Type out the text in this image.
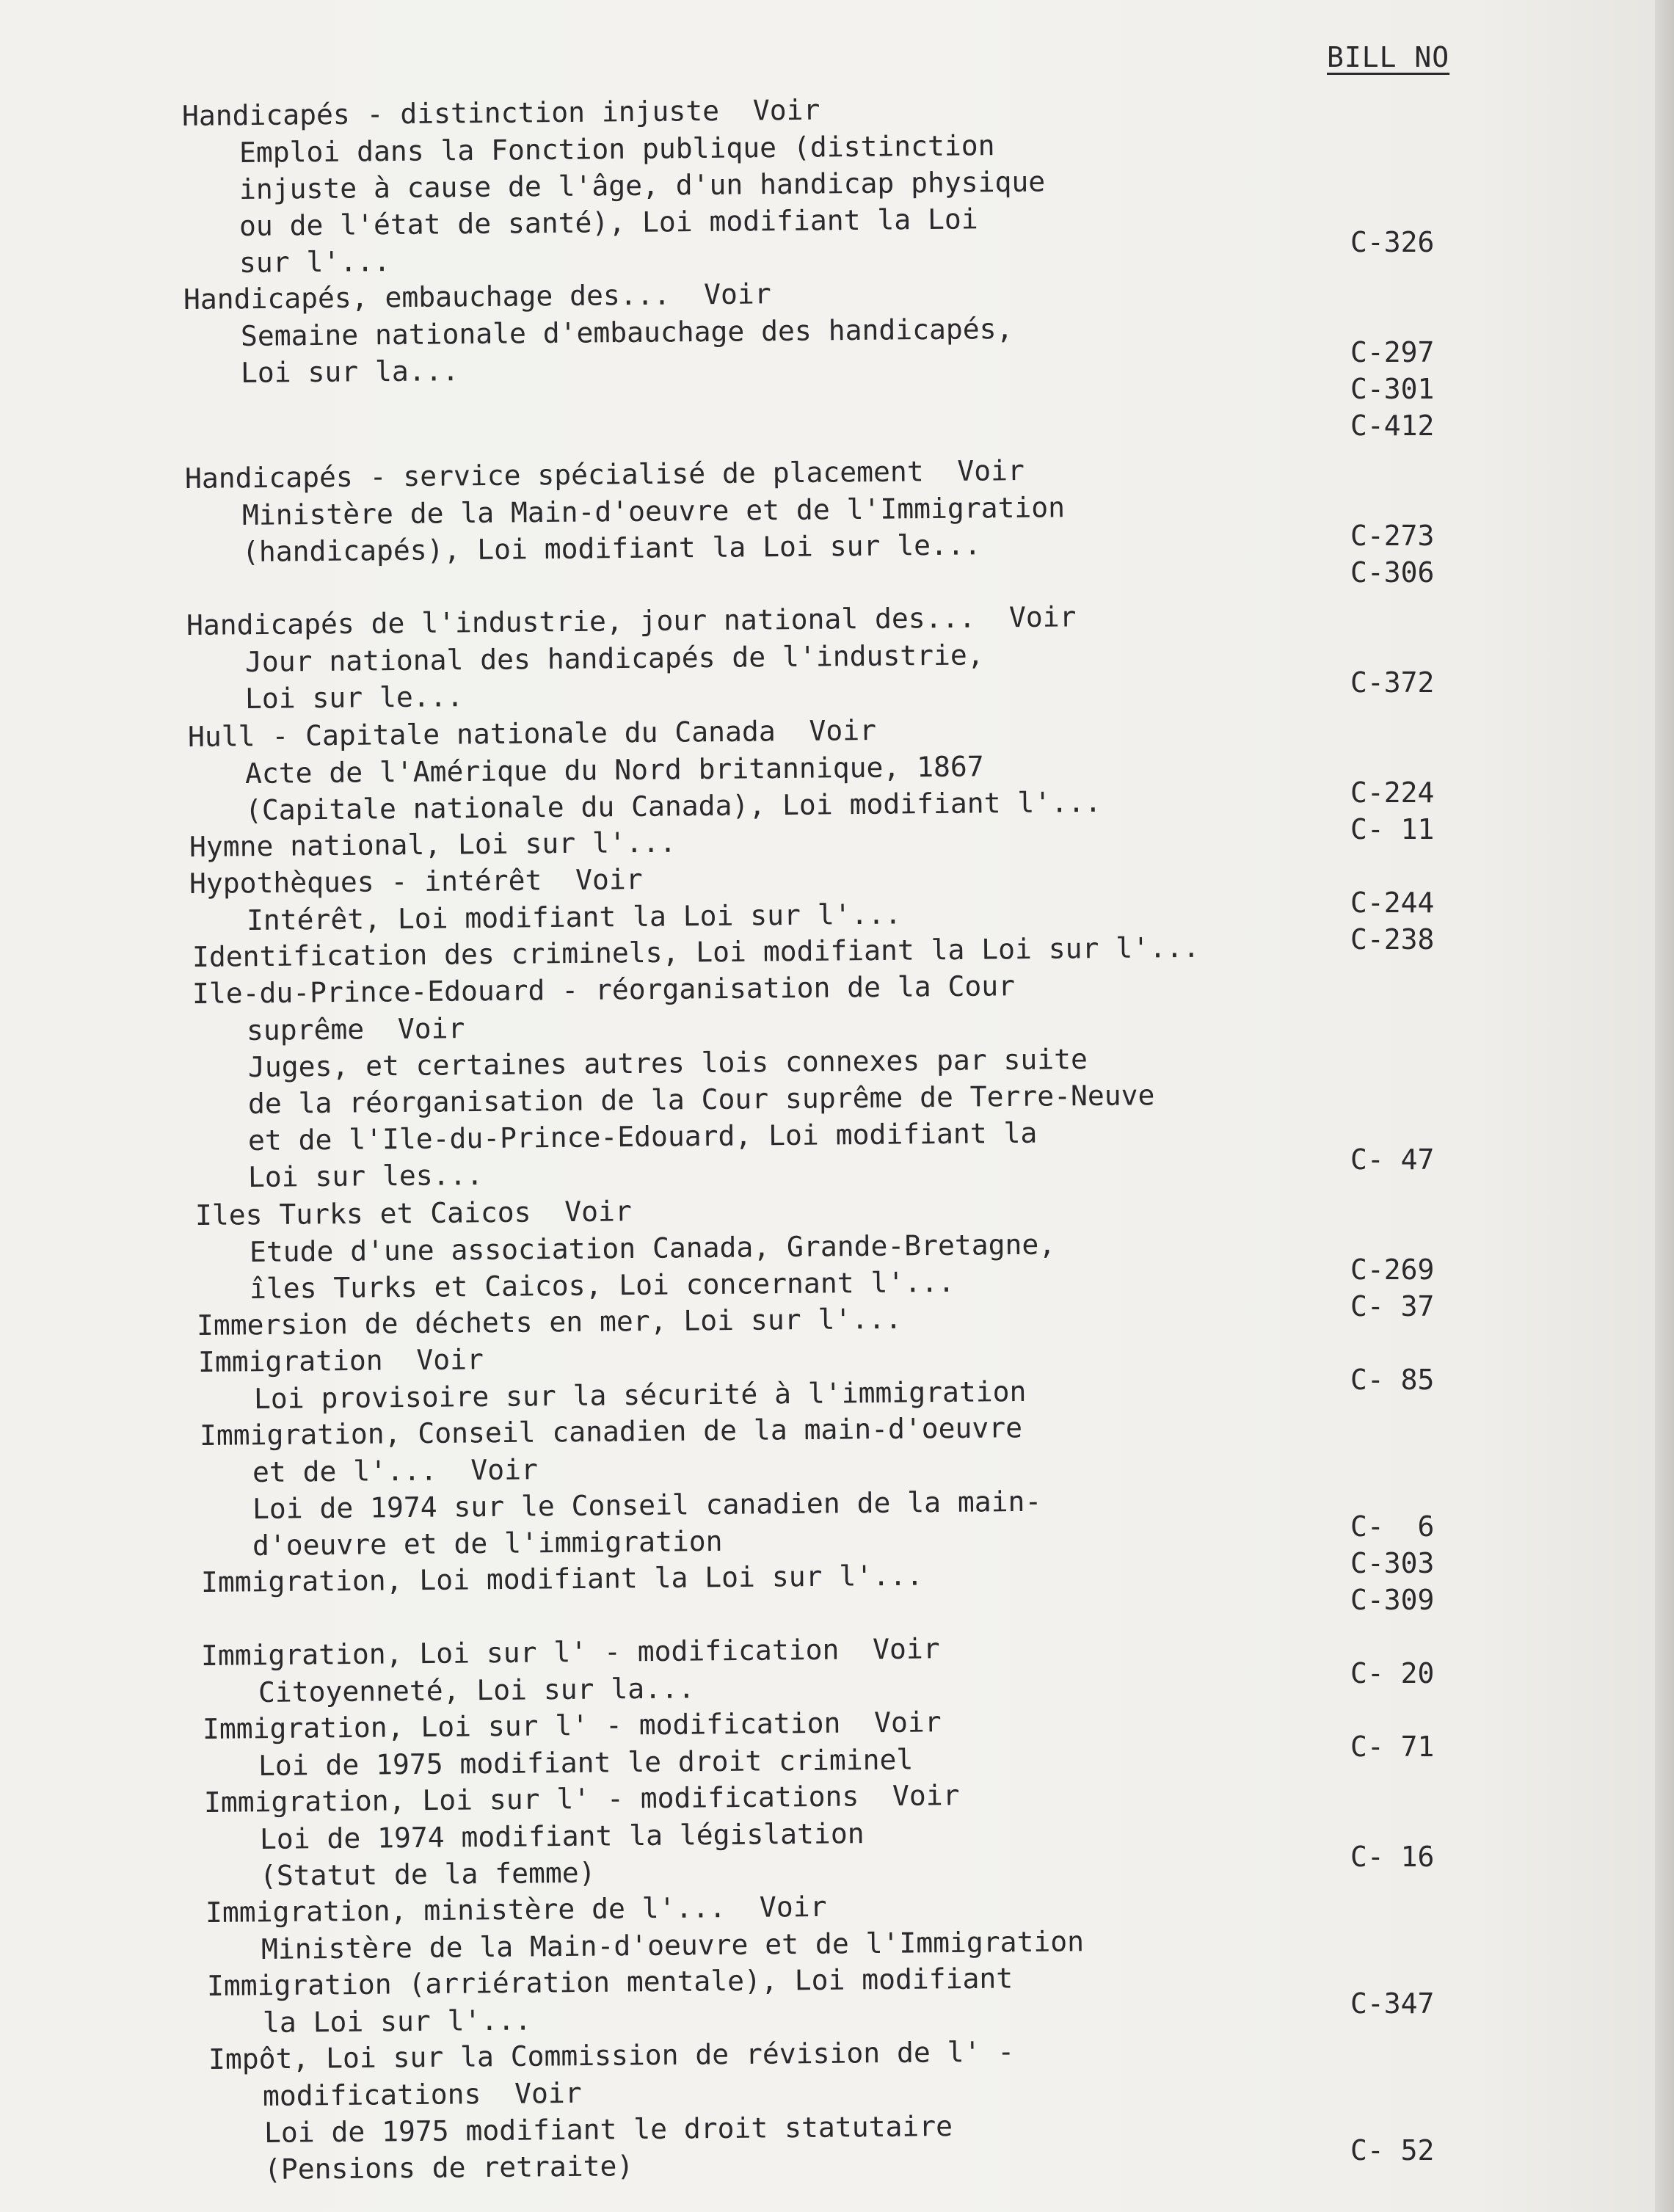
BILL NO
Handicapés - distinction injuste  Voir
Emploi dans la Fonction publique (distinction
injuste à cause de l'âge, d'un handicap physique
ou de l'état de santé), Loi modifiant la Loi
sur l'...
Handicapés, embauchage des...  Voir
Semaine nationale d'embauchage des handicapés,
Loi sur la...
Handicapés - service spécialisé de placement  Voir
Ministère de la Main-d'oeuvre et de l'Immigration
(handicapés), Loi modifiant la Loi sur le...
Handicapés de l'industrie, jour national des...  Voir
Jour national des handicapés de l'industrie,
Loi sur le...
Hull - Capitale nationale du Canada  Voir
Acte de l'Amérique du Nord britannique, 1867
(Capitale nationale du Canada), Loi modifiant l'...
Hymne national, Loi sur l'...
Hypothèques - intérêt  Voir
Intérêt, Loi modifiant la Loi sur l'...
Identification des criminels, Loi modifiant la Loi sur l'...
Ile-du-Prince-Edouard - réorganisation de la Cour
suprême  Voir
Juges, et certaines autres lois connexes par suite
de la réorganisation de la Cour suprême de Terre-Neuve
et de l'Ile-du-Prince-Edouard, Loi modifiant la
Loi sur les...
Iles Turks et Caicos  Voir
Etude d'une association Canada, Grande-Bretagne,
îles Turks et Caicos, Loi concernant l'...
Immersion de déchets en mer, Loi sur l'...
Immigration  Voir
Loi provisoire sur la sécurité à l'immigration
Immigration, Conseil canadien de la main-d'oeuvre
et de l'...  Voir
Loi de 1974 sur le Conseil canadien de la main-
d'oeuvre et de l'immigration
Immigration, Loi modifiant la Loi sur l'...
Immigration, Loi sur l' - modification  Voir
Citoyenneté, Loi sur la...
Immigration, Loi sur l' - modification  Voir
Loi de 1975 modifiant le droit criminel
Immigration, Loi sur l' - modifications  Voir
Loi de 1974 modifiant la législation
(Statut de la femme)
Immigration, ministère de l'...  Voir
Ministère de la Main-d'oeuvre et de l'Immigration
Immigration (arriération mentale), Loi modifiant
la Loi sur l'...
Impôt, Loi sur la Commission de révision de l' -
modifications  Voir
Loi de 1975 modifiant le droit statutaire
(Pensions de retraite)
C-326
C-297
C-301
C-412
C-273
C-306
C-372
C-224
C- 11
C-244
C-238
C- 47
C-269
C- 37
C- 85
C-  6
C-303
C-309
C- 20
C- 71
C- 16
C-347
C- 52
